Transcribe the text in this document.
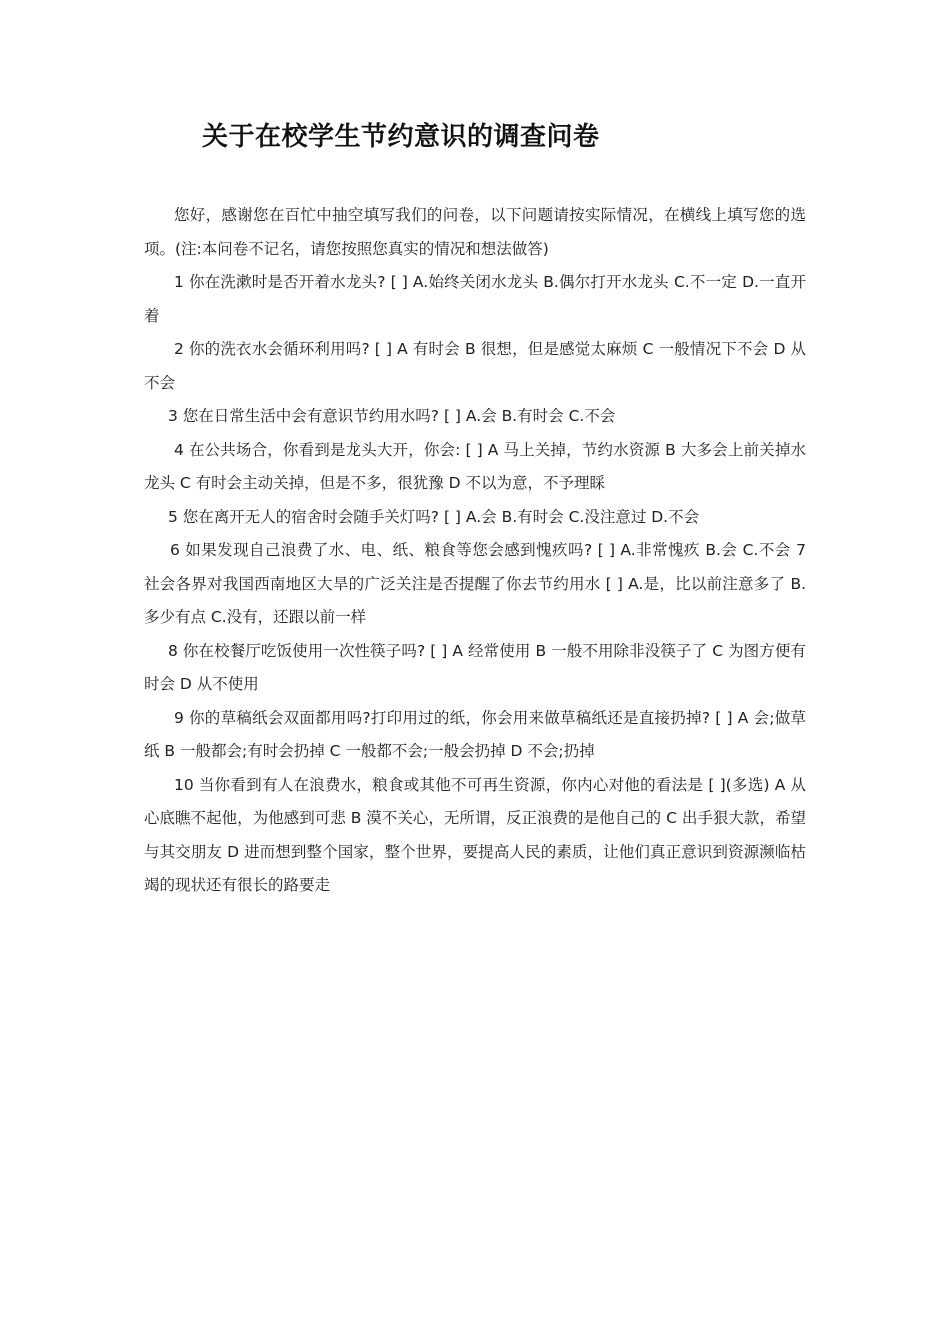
关于在校学生节约意识的调查问卷

您好，感谢您在百忙中抽空填写我们的问卷，以下问题请按实际情况，在横线上填写您的选项。(注:本问卷不记名，请您按照您真实的情况和想法做答)

1 你在洗漱时是否开着水龙头? [ ] A.始终关闭水龙头 B.偶尔打开水龙头 C.不一定 D.一直开着

2 你的洗衣水会循环利用吗? [ ] A 有时会 B 很想，但是感觉太麻烦 C 一般情况下不会 D 从不会

3 您在日常生活中会有意识节约用水吗? [ ] A.会 B.有时会 C.不会

4 在公共场合，你看到是龙头大开，你会: [ ] A 马上关掉，节约水资源 B 大多会上前关掉水龙头 C 有时会主动关掉，但是不多，很犹豫 D 不以为意，不予理睬

5 您在离开无人的宿舍时会随手关灯吗? [ ] A.会 B.有时会 C.没注意过 D.不会

6 如果发现自己浪费了水、电、纸、粮食等您会感到愧疚吗? [ ] A.非常愧疚 B.会 C.不会 7 社会各界对我国西南地区大旱的广泛关注是否提醒了你去节约用水 [ ] A.是，比以前注意多了 B.多少有点 C.没有，还跟以前一样

8 你在校餐厅吃饭使用一次性筷子吗? [ ] A 经常使用 B 一般不用除非没筷子了 C 为图方便有时会 D 从不使用

9 你的草稿纸会双面都用吗?打印用过的纸，你会用来做草稿纸还是直接扔掉? [ ] A 会;做草纸 B 一般都会;有时会扔掉 C 一般都不会;一般会扔掉 D 不会;扔掉

10 当你看到有人在浪费水，粮食或其他不可再生资源，你内心对他的看法是 [ ](多选) A 从心底瞧不起他，为他感到可悲 B 漠不关心，无所谓，反正浪费的是他自己的 C 出手狠大款，希望与其交朋友 D 进而想到整个国家，整个世界，要提高人民的素质，让他们真正意识到资源濒临枯竭的现状还有很长的路要走
